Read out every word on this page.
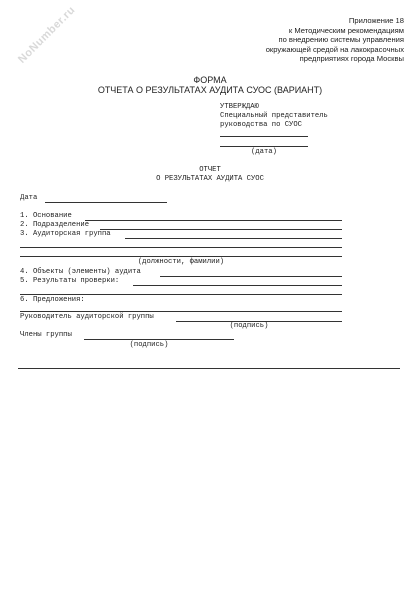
NoNumber.ru	Приложение 18
к Методическим рекомендациям
по внедрению системы управления
окружающей средой на лакокрасочных
предприятиях города Москвы
ФОРМА
ОТЧЕТА О РЕЗУЛЬТАТАХ АУДИТА СУОС (ВАРИАНТ)
УТВЕРЖДАЮ
Специальный представитель
руководства по СУОС
(дата)
ОТЧЕТ
О РЕЗУЛЬТАТАХ АУДИТА СУОС
Дата
1. Основание
2. Подразделение
3. Аудиторская группа
(должности, фамилии)
4. Объекты (элементы) аудита
5. Результаты проверки:
6. Предложения:
Руководитель аудиторской группы
(подпись)
Члены группы
(подпись)
